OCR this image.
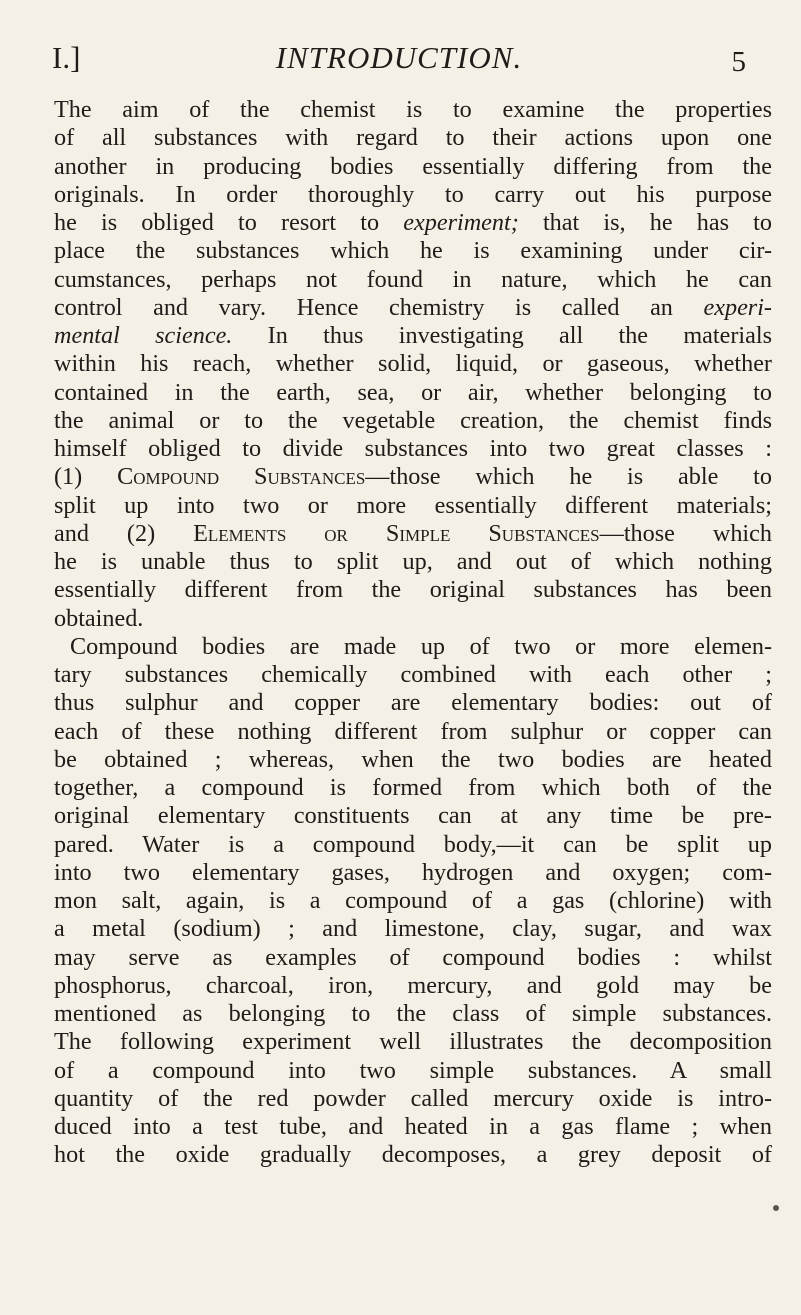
I.]	INTRODUCTION.	5
The aim of the chemist is to examine the properties
of all substances with regard to their actions upon one
another in producing bodies essentially differing from the
originals. In order thoroughly to carry out his purpose
he is obliged to resort to experiment; that is, he has to
place the substances which he is examining under cir-
cumstances, perhaps not found in nature, which he can
control and vary. Hence chemistry is called an experi-
mental science. In thus investigating all the materials
within his reach, whether solid, liquid, or gaseous, whether
contained in the earth, sea, or air, whether belonging to
the animal or to the vegetable creation, the chemist finds
himself obliged to divide substances into two great classes :
(1) Compound Substances—those which he is able to
split up into two or more essentially different materials;
and (2) Elements or Simple Substances—those which
he is unable thus to split up, and out of which nothing
essentially different from the original substances has been
obtained.
Compound bodies are made up of two or more elemen-
tary substances chemically combined with each other ;
thus sulphur and copper are elementary bodies: out of
each of these nothing different from sulphur or copper can
be obtained ; whereas, when the two bodies are heated
together, a compound is formed from which both of the
original elementary constituents can at any time be pre-
pared. Water is a compound body,—it can be split up
into two elementary gases, hydrogen and oxygen; com-
mon salt, again, is a compound of a gas (chlorine) with
a metal (sodium) ; and limestone, clay, sugar, and wax
may serve as examples of compound bodies : whilst
phosphorus, charcoal, iron, mercury, and gold may be
mentioned as belonging to the class of simple substances.
The following experiment well illustrates the decomposition
of a compound into two simple substances. A small
quantity of the red powder called mercury oxide is intro-
duced into a test tube, and heated in a gas flame ; when
hot the oxide gradually decomposes, a grey deposit of
